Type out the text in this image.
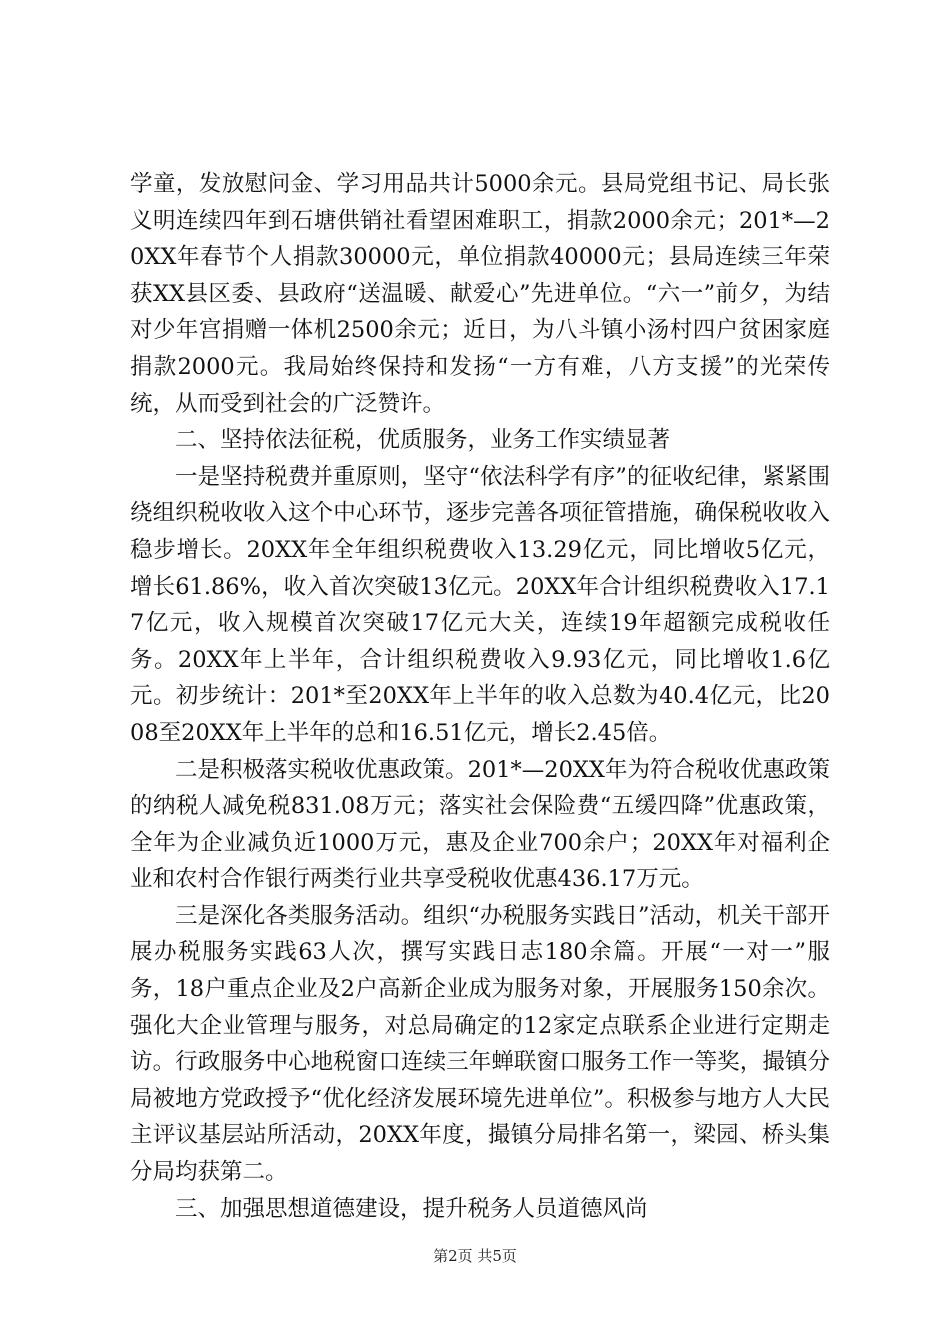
学童，发放慰问金、学习用品共计5000余元。县局党组书记、局长张义明连续四年到石塘供销社看望困难职工，捐款2000余元；201*—20XX年春节个人捐款30000元，单位捐款40000元；县局连续三年荣获XX县区委、县政府“送温暖、献爱心”先进单位。“六一”前夕，为结对少年宫捐赠一体机2500余元；近日，为八斗镇小汤村四户贫困家庭捐款2000元。我局始终保持和发扬“一方有难，八方支援”的光荣传统，从而受到社会的广泛赞许。

二、坚持依法征税，优质服务，业务工作实绩显著

一是坚持税费并重原则，坚守“依法科学有序”的征收纪律，紧紧围绕组织税收收入这个中心环节，逐步完善各项征管措施，确保税收收入稳步增长。20XX年全年组织税费收入13.29亿元，同比增收5亿元，增长61.86%，收入首次突破13亿元。20XX年合计组织税费收入17.17亿元，收入规模首次突破17亿元大关，连续19年超额完成税收任务。20XX年上半年，合计组织税费收入9.93亿元，同比增收1.6亿元。初步统计：201*至20XX年上半年的收入总数为40.4亿元，比2008至20XX年上半年的总和16.51亿元，增长2.45倍。

二是积极落实税收优惠政策。201*—20XX年为符合税收优惠政策的纳税人减免税831.08万元；落实社会保险费“五缓四降”优惠政策，全年为企业减负近1000万元，惠及企业700余户；20XX年对福利企业和农村合作银行两类行业共享受税收优惠436.17万元。

三是深化各类服务活动。组织“办税服务实践日”活动，机关干部开展办税服务实践63人次，撰写实践日志180余篇。开展“一对一”服务，18户重点企业及2户高新企业成为服务对象，开展服务150余次。强化大企业管理与服务，对总局确定的12家定点联系企业进行定期走访。行政服务中心地税窗口连续三年蝉联窗口服务工作一等奖，撮镇分局被地方党政授予“优化经济发展环境先进单位”。积极参与地方人大民主评议基层站所活动，20XX年度，撮镇分局排名第一，梁园、桥头集分局均获第二。

三、加强思想道德建设，提升税务人员道德风尚

第2页 共5页
